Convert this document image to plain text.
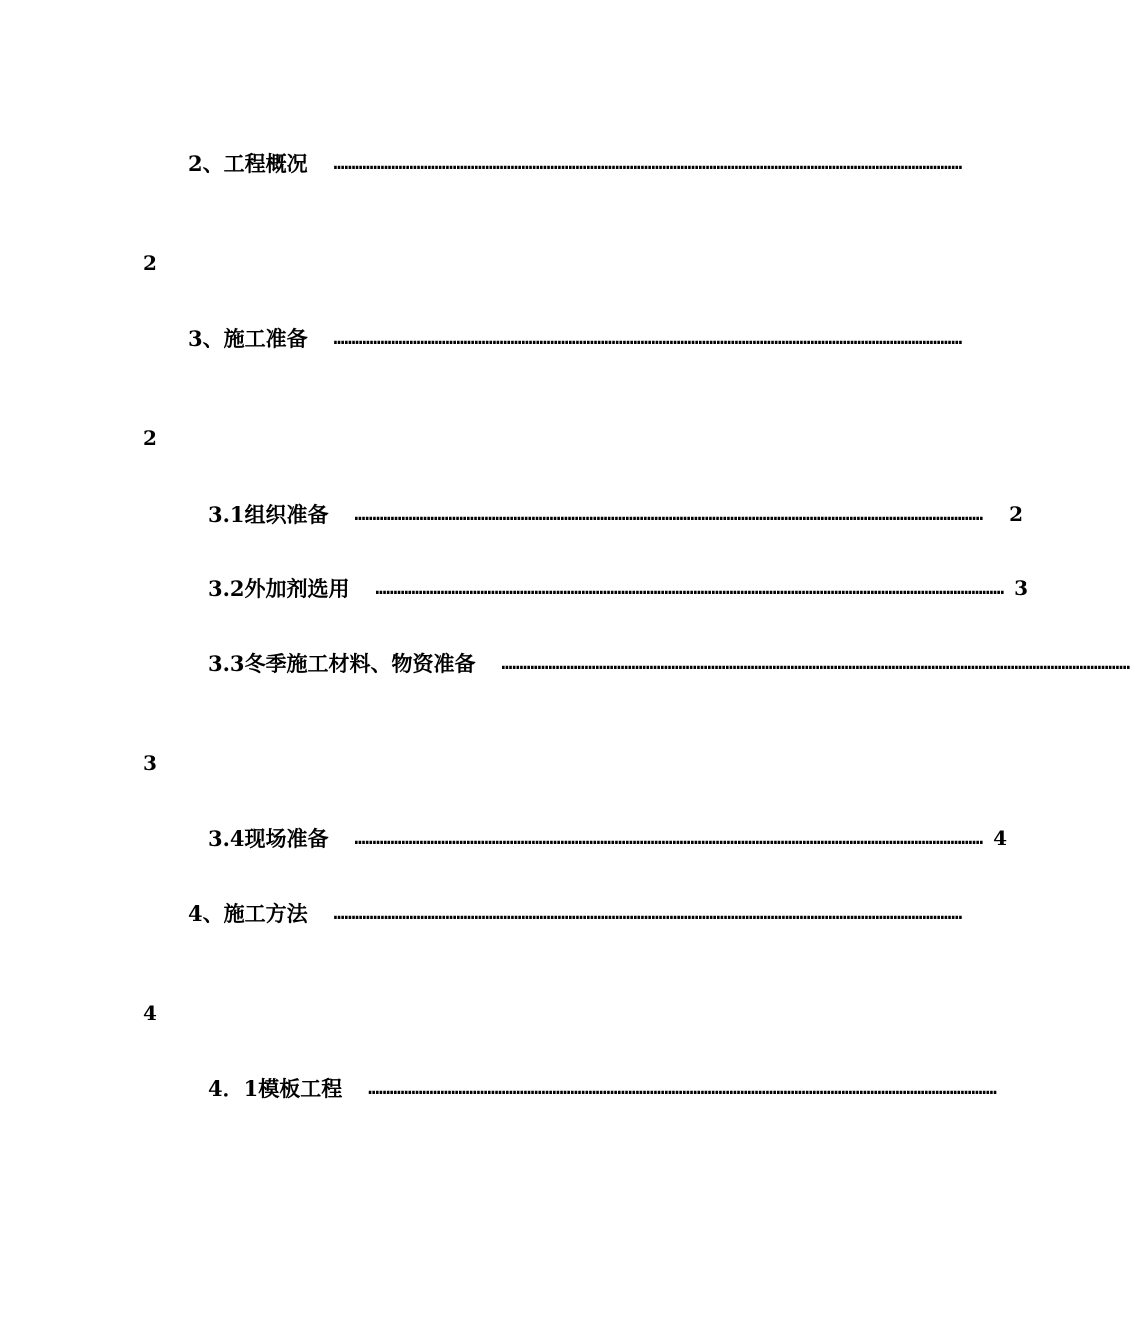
2、工程概况 …………………………………………………………………………………………………………………………………………………………
2
3、施工准备 …………………………………………………………………………………………………………………………………………………………
2
3.1组织准备 ………………………………………………………………………………………………………………………………………………………… 2
3.2外加剂选用 ………………………………………………………………………………………………………………………………………………………… 3
3.3冬季施工材料、物资准备 …………………………………………………………………………………………………………………………………………………………
3
3.4现场准备 ………………………………………………………………………………………………………………………………………………………… 4
4、施工方法 …………………………………………………………………………………………………………………………………………………………
4
4．1模板工程 …………………………………………………………………………………………………………………………………………………………
